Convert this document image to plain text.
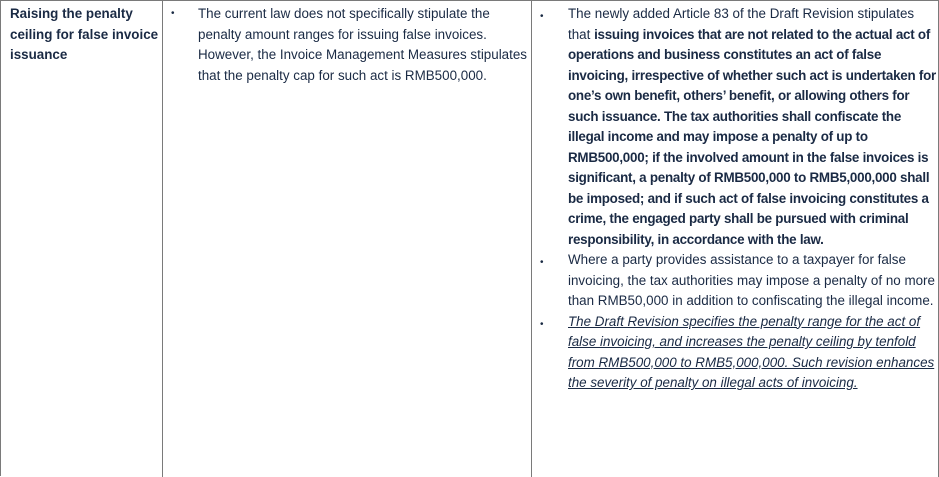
Raising the penalty ceiling for false invoice issuance
• The current law does not specifically stipulate the penalty amount ranges for issuing false invoices. However, the Invoice Management Measures stipulates that the penalty cap for such act is RMB500,000.
• The newly added Article 83 of the Draft Revision stipulates that issuing invoices that are not related to the actual act of operations and business constitutes an act of false invoicing, irrespective of whether such act is undertaken for one’s own benefit, others’ benefit, or allowing others for such issuance. The tax authorities shall confiscate the illegal income and may impose a penalty of up to RMB500,000; if the involved amount in the false invoices is significant, a penalty of RMB500,000 to RMB5,000,000 shall be imposed; and if such act of false invoicing constitutes a crime, the engaged party shall be pursued with criminal responsibility, in accordance with the law.
• Where a party provides assistance to a taxpayer for false invoicing, the tax authorities may impose a penalty of no more than RMB50,000 in addition to confiscating the illegal income.
• The Draft Revision specifies the penalty range for the act of false invoicing, and increases the penalty ceiling by tenfold from RMB500,000 to RMB5,000,000. Such revision enhances the severity of penalty on illegal acts of invoicing.
